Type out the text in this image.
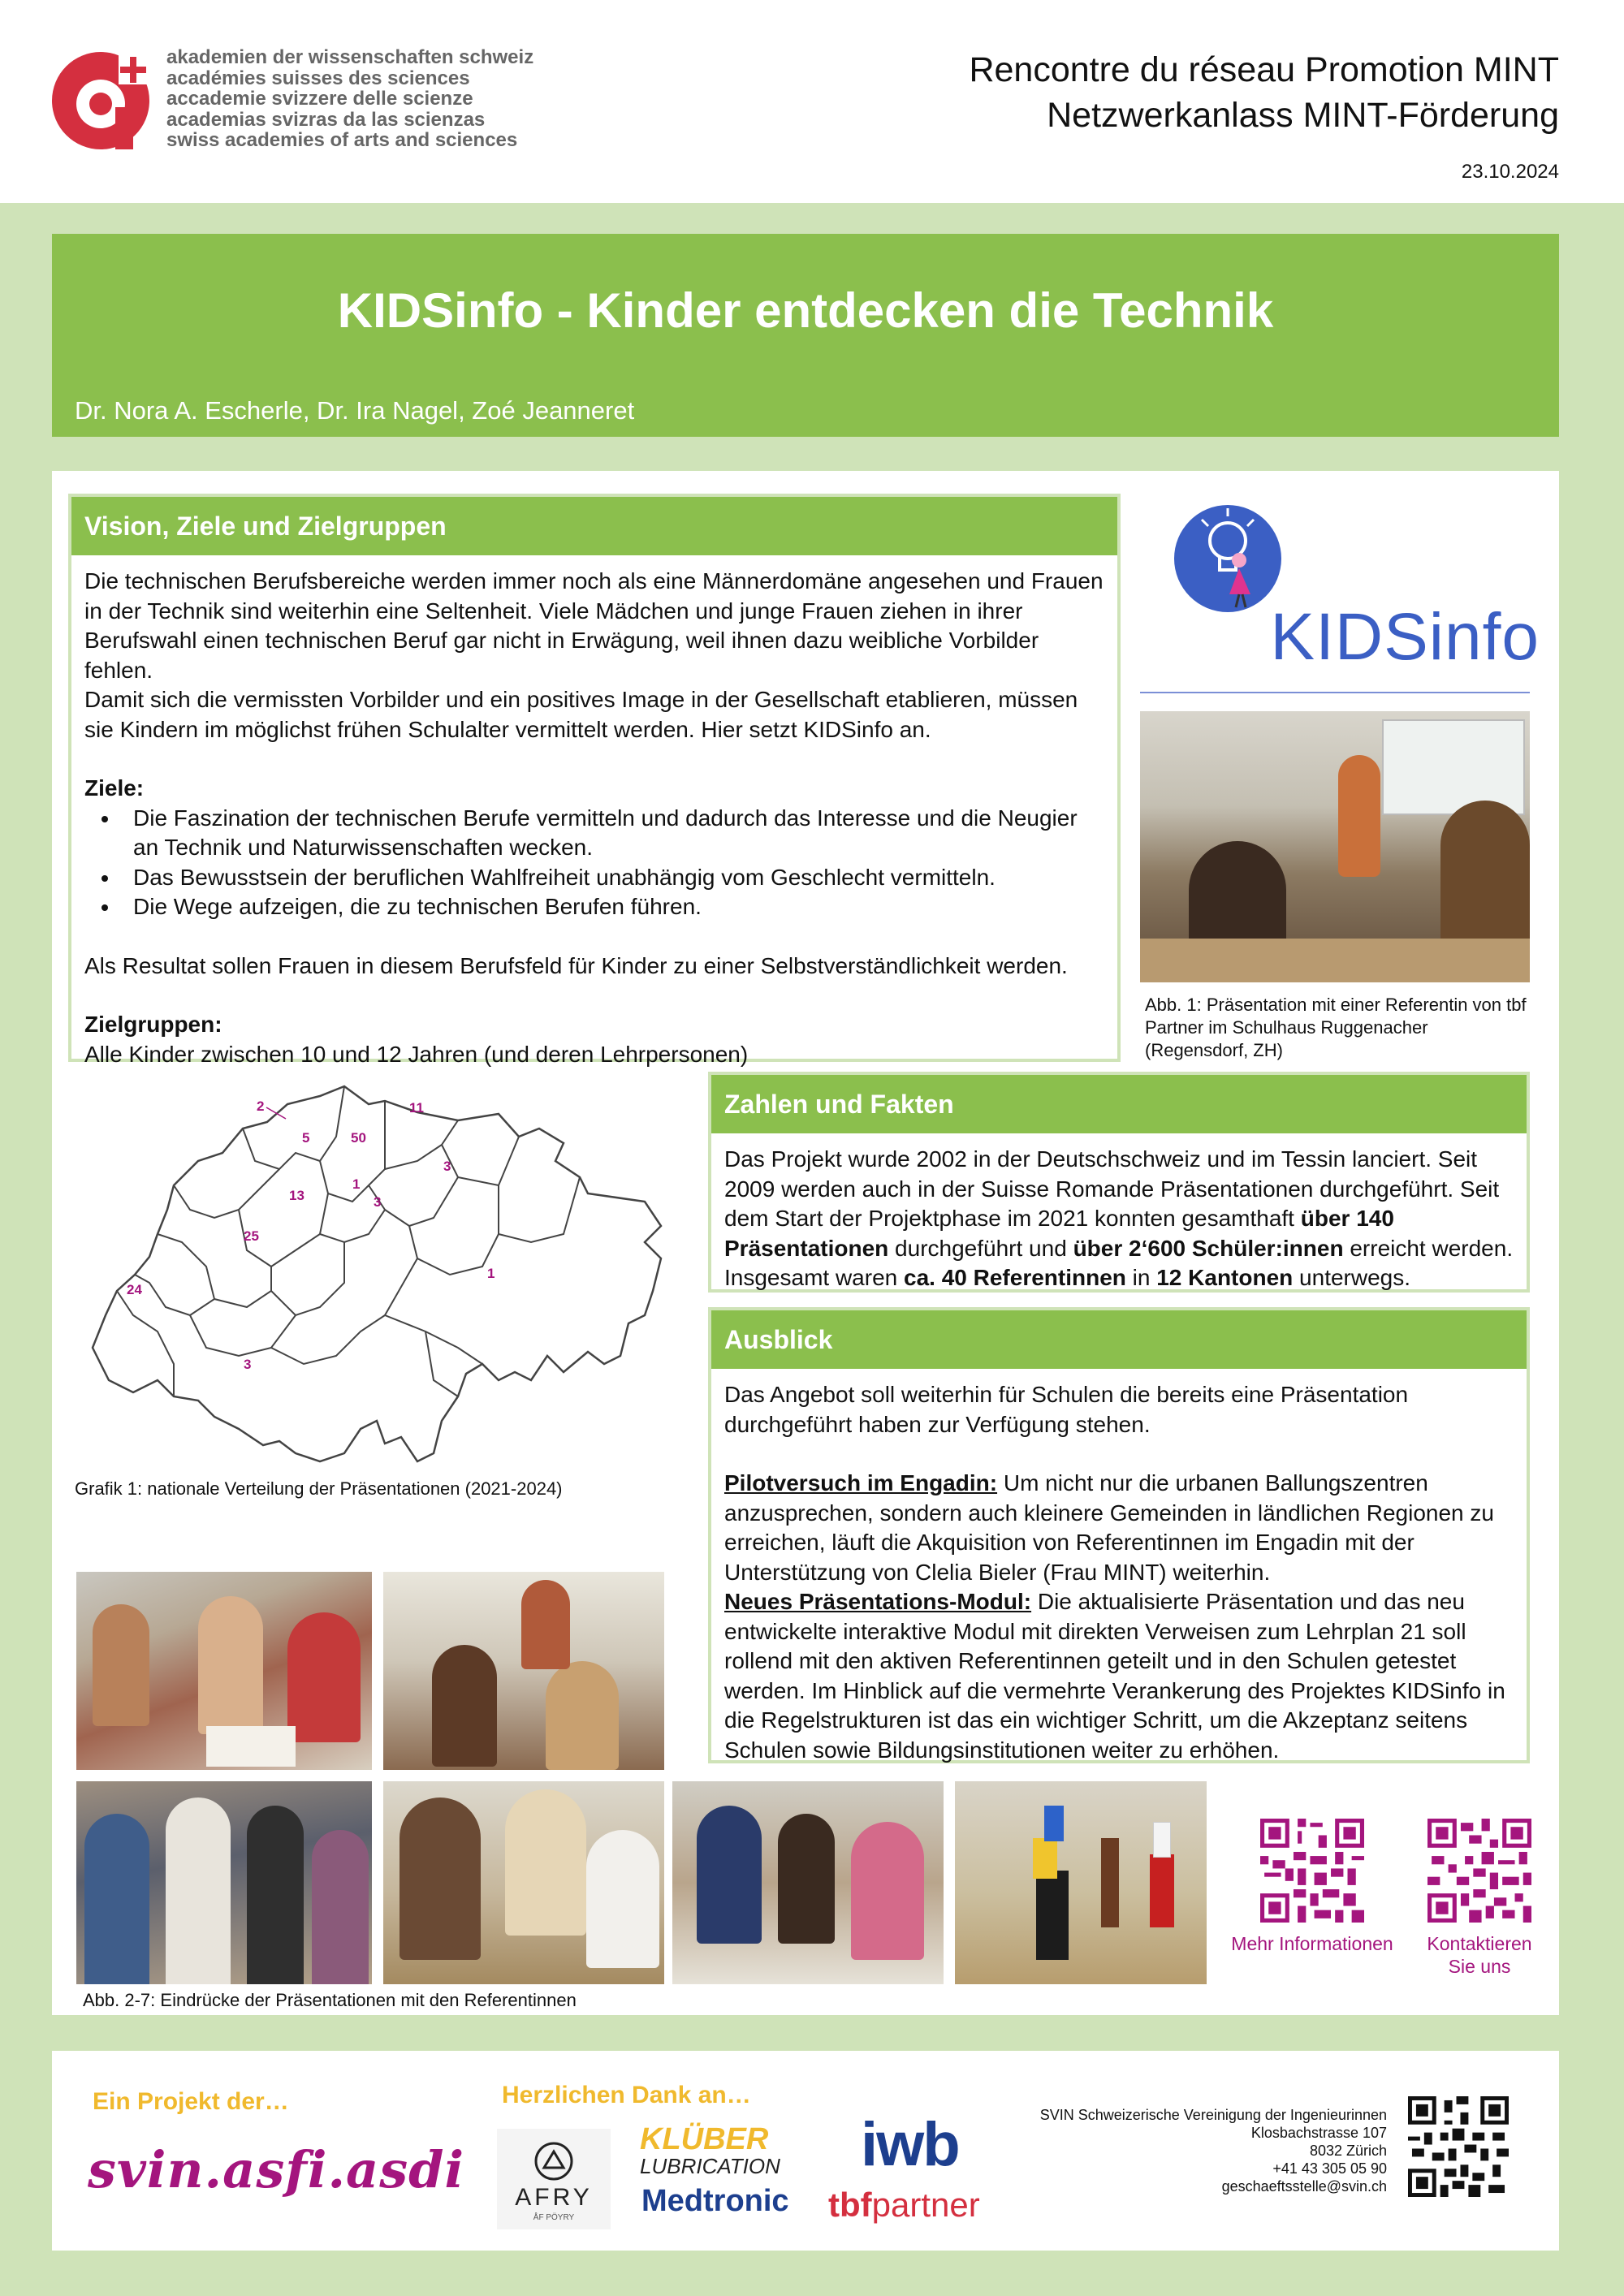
akademien der wissenschaften schweiz
académies suisses des sciences
accademie svizzere delle scienze
academias svizras da las scienzas
swiss academies of arts and sciences
Rencontre du réseau Promotion MINT
Netzwerkanlass MINT-Förderung
23.10.2024
KIDSinfo - Kinder entdecken die Technik
Dr. Nora A. Escherle, Dr. Ira Nagel, Zoé Jeanneret
Vision, Ziele und Zielgruppen

Die technischen Berufsbereiche werden immer noch als eine Männerdomäne angesehen und Frauen in der Technik sind weiterhin eine Seltenheit. Viele Mädchen und junge Frauen ziehen in ihrer Berufswahl einen technischen Beruf gar nicht in Erwägung, weil ihnen dazu weibliche Vorbilder fehlen.

Damit sich die vermissten Vorbilder und ein positives Image in der Gesellschaft etablieren, müssen sie Kindern im möglichst frühen Schulalter vermittelt werden. Hier setzt KIDSinfo an.

Ziele:

• Die Faszination der technischen Berufe vermitteln und dadurch das Interesse und die Neugier an Technik und Naturwissenschaften wecken.
• Das Bewusstsein der beruflichen Wahlfreiheit unabhängig vom Geschlecht vermitteln.
• Die Wege aufzeigen, die zu technischen Berufen führen.

Als Resultat sollen Frauen in diesem Berufsfeld für Kinder zu einer Selbstverständlichkeit werden.

Zielgruppen:

Alle Kinder zwischen 10 und 12 Jahren (und deren Lehrpersonen)

KIDSinfo
Abb. 1: Präsentation mit einer Referentin von tbf Partner im Schulhaus Ruggenacher (Regensdorf, ZH)
2
5	50
11
3
1
13	3
25
1
24
3
Grafik 1: nationale Verteilung der Präsentationen (2021-2024)
Zahlen und Fakten

Das Projekt wurde 2002 in der Deutschschweiz und im Tessin lanciert. Seit 2009 werden auch in der Suisse Romande Präsentationen durchgeführt. Seit dem Start der Projektphase im 2021 konnten gesamthaft über 140 Präsentationen durchgeführt und über 2‘600 Schüler:innen erreicht werden. Insgesamt waren ca. 40 Referentinnen in 12 Kantonen unterwegs.

Ausblick

Das Angebot soll weiterhin für Schulen die bereits eine Präsentation durchgeführt haben zur Verfügung stehen.

Pilotversuch im Engadin: Um nicht nur die urbanen Ballungszentren anzusprechen, sondern auch kleinere Gemeinden in ländlichen Regionen zu erreichen, läuft die Akquisition von Referentinnen im Engadin mit der Unterstützung von Clelia Bieler (Frau MINT) weiterhin.

Neues Präsentations-Modul: Die aktualisierte Präsentation und das neu entwickelte interaktive Modul mit direkten Verweisen zum Lehrplan 21 soll rollend mit den aktiven Referentinnen geteilt und in den Schulen getestet werden. Im Hinblick auf die vermehrte Verankerung des Projektes KIDSinfo in die Regelstrukturen ist das ein wichtiger Schritt, um die Akzeptanz seitens Schulen sowie Bildungsinstitutionen weiter zu erhöhen.

Abb. 2-7: Eindrücke der Präsentationen mit den Referentinnen
Mehr Informationen	Kontaktieren
Sie uns
Ein Projekt der…
svin.asfi.asdi
Herzlichen Dank an…
AFRY
ÅF PÖYRY
KLÜBER
LUBRICATION	iwb
Medtronic tbfpartner
SVIN Schweizerische Vereinigung der Ingenieurinnen
Klosbachstrasse 107
8032 Zürich
+41 43 305 05 90
geschaeftsstelle@svin.ch
